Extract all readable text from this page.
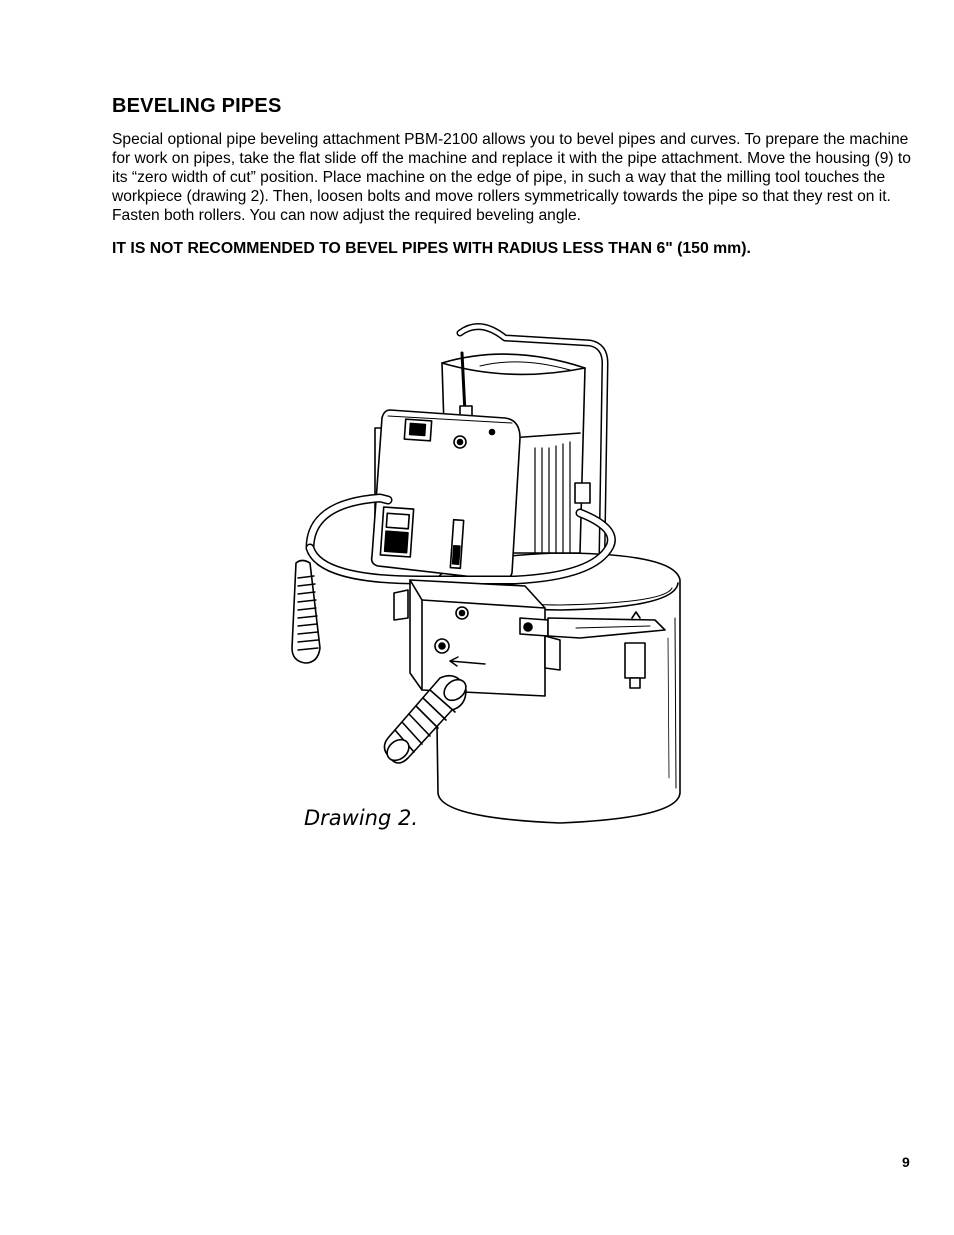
BEVELING PIPES

Special optional pipe beveling attachment PBM-2100 allows you to bevel pipes and curves. To prepare the machine for work on pipes, take the flat slide off the machine and replace it with the pipe attachment. Move the housing (9) to its “zero width of cut” position. Place machine on the edge of pipe, in such a way that the milling tool touches the workpiece (drawing 2). Then, loosen bolts and move rollers symmetrically towards the pipe so that they rest on it. Fasten both rollers. You can now adjust the required beveling angle.

IT IS NOT RECOMMENDED TO BEVEL PIPES WITH RADIUS LESS THAN 6" (150 mm).

Drawing 2.

9
